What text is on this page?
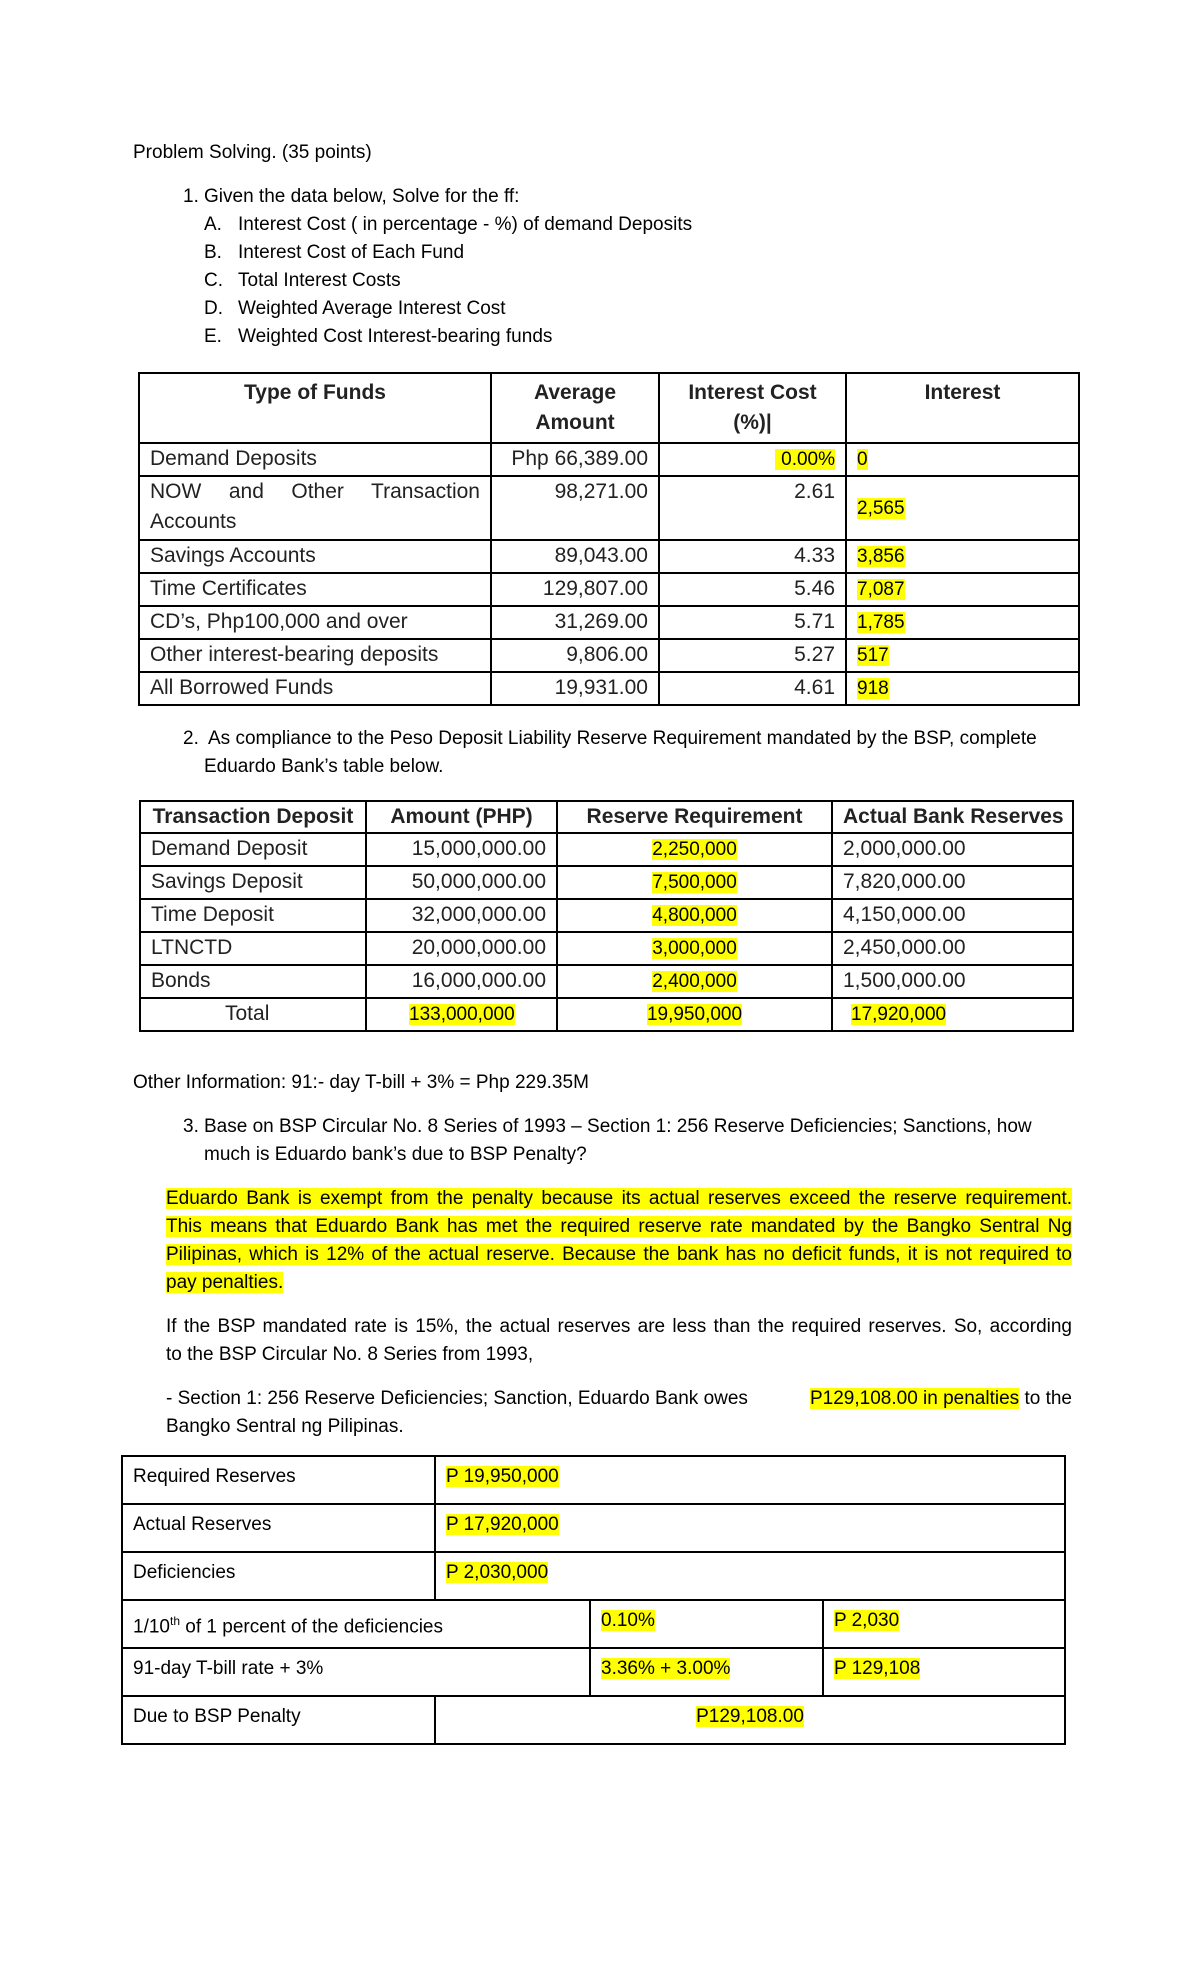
Problem Solving. (35 points)
1. Given the data below, Solve for the ff:
A. Interest Cost ( in percentage - %) of demand Deposits
B. Interest Cost of Each Fund
C. Total Interest Costs
D. Weighted Average Interest Cost
E. Weighted Cost Interest-bearing funds
Type of Funds	Average Amount	Interest Cost (%)|	Interest
Demand Deposits	Php 66,389.00	0.00%	0
NOW and Other Transaction Accounts	98,271.00	2.61	2,565
Savings Accounts	89,043.00	4.33	3,856
Time Certificates	129,807.00	5.46	7,087
CD’s, Php100,000 and over	31,269.00	5.71	1,785
Other interest-bearing deposits	9,806.00	5.27	517
All Borrowed Funds	19,931.00	4.61	918
2. As compliance to the Peso Deposit Liability Reserve Requirement mandated by the BSP, complete
Eduardo Bank’s table below.
Transaction Deposit	Amount (PHP)	Reserve Requirement	Actual Bank Reserves
Demand Deposit	15,000,000.00	2,250,000	2,000,000.00
Savings Deposit	50,000,000.00	7,500,000	7,820,000.00
Time Deposit	32,000,000.00	4,800,000	4,150,000.00
LTNCTD	20,000,000.00	3,000,000	2,450,000.00
Bonds	16,000,000.00	2,400,000	1,500,000.00
Total	133,000,000	19,950,000	17,920,000
Other Information: 91:- day T-bill + 3% = Php 229.35M
3. Base on BSP Circular No. 8 Series of 1993 – Section 1: 256 Reserve Deficiencies; Sanctions, how
much is Eduardo bank’s due to BSP Penalty?
Eduardo Bank is exempt from the penalty because its actual reserves exceed the reserve requirement.
This means that Eduardo Bank has met the required reserve rate mandated by the Bangko Sentral Ng
Pilipinas, which is 12% of the actual reserve. Because the bank has no deficit funds, it is not required to
pay penalties.
If the BSP mandated rate is 15%, the actual reserves are less than the required reserves. So, according
to the BSP Circular No. 8 Series from 1993,
- Section 1: 256 Reserve Deficiencies; Sanction, Eduardo Bank owes	P129,108.00 in penalties to the
Bangko Sentral ng Pilipinas.
Required Reserves	P 19,950,000		
Actual Reserves	P 17,920,000		
Deficiencies	P 2,030,000		
1/10th of 1 percent of the deficiencies		0.10%	P 2,030
91-day T-bill rate + 3%		3.36% + 3.00%	P 129,108
Due to BSP Penalty	P129,108.00		
